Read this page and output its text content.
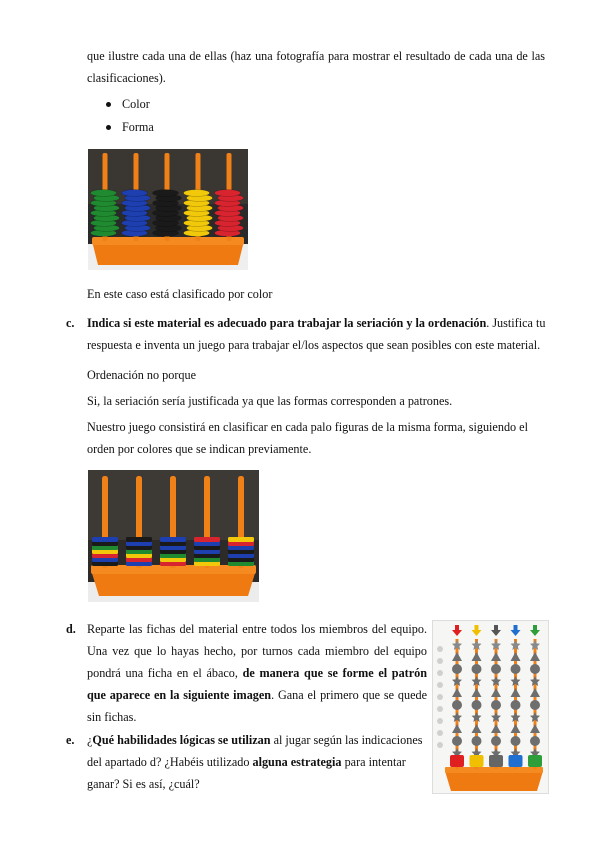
que ilustre cada una de ellas (haz una fotografía para mostrar el resultado de cada una de las
clasificaciones).
Color
Forma
En este caso está clasificado por color
c. Indica si este material es adecuado para trabajar la seriación y la ordenación. Justifica tu
respuesta e inventa un juego para trabajar el/los aspectos que sean posibles con este material.
Ordenación no porque
Si, la seriación sería justificada ya que las formas corresponden a patrones.
Nuestro juego consistirá en clasificar en cada palo figuras de la misma forma, siguiendo el
orden por colores que se indican previamente.
d. Reparte las fichas del material entre todos los miembros del equipo.
Una vez que lo hayas hecho, por turnos cada miembro del equipo
pondrá una ficha en el ábaco, de manera que se forme el patrón
que aparece en la siguiente imagen. Gana el primero que se quede
sin fichas.
e. ¿Qué habilidades lógicas se utilizan al jugar según las indicaciones
del apartado d? ¿Habéis utilizado alguna estrategia para intentar
ganar? Si es así, ¿cuál?
